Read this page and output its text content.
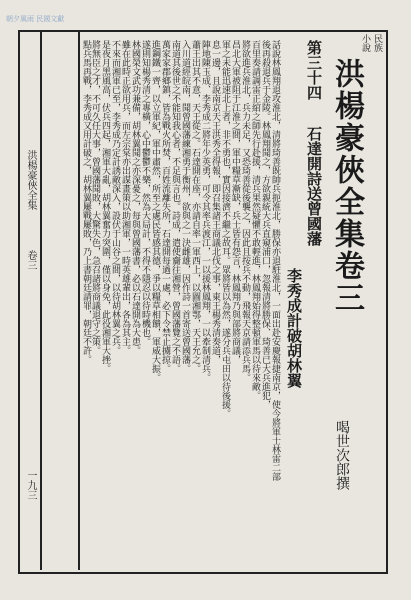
朝夕風雨 民國文獻
民族
小說
洪楊豪俠全集卷三
第三十四
石達開詩送曾國藩
李秀成計破胡林翼
喝世次郎撰
話說林鳳翔退攻淮北，清將琦善既帥兵扼淮北，勝保亦退駐淮北，一面出赴安慶報捷南京，使今將軍士林雷二部
後再殺退兵于金陵。林鳳翔聞之，方欲親統大兵直窺浦口，忽報清將勝保、琦善已大兵進犯，
百里奏請調雷正綰之師先行赴援，清兵果然疑懼不敢輕進，林鳳翔始得整頓軍馬以待來敵。
將欲進兵淮北，兵力未足，又恐琦善從後襲之，因此且按兵不動，飛報天京請添兵馬。
昌北大軍被阻于江淮之間，軍中糧草漸缺，兵士皆有怨言，林鳳翔乃與部將商議，
軍之未能迅速北上者，非不勇也，實因接濟不繼之故耳。眾將皆以為然，遂分兵屯田以待後援。
息一邊，且說南京天王洪秀全得報，即召集諸王商議北伐之事，東王楊秀清奏道，
陣地陳玉成、李秀成二將年少英勇，可令其率兵渡江，一以援林鳳翔，一以牽制清兵。
蕭王出其不意，天王從之。石達開在座，亦請自率一軍西上，以圖湘鄂，天王允之。
入川道經皖南，聞曾國藩練湘勇于衡州，欲與之一決雌雄，因作詩一首寄送曾國藩。
南道其後世之不能知我心者，不足與言也。詩成，遣使齎往湘營，曾國藩覽之不語。
萬家家郡鄉鎮，皆為戰火所焚，百姓流離失所，石達開每過一處，必下令禁止擄掠。
進鋼鐵一齊，以立軍紀，軍中肅然，所至之處民皆感其德，爭以糧草相饋，軍威大振。
遂則知楊秀清之專橫，心中鬱鬱不樂，然為大局計，不得不隱忍以待時機也。
林國榮文武功兼備，胡林翼聞之亦深憂之，每與曾國藩書，必以石達開為大患。
雖在此時正欲用兵，而左宗棠亦出謀畫策以助湘軍，一時英雄輩出，各為其主。
不來而湘軍已至，李秀成乃定計誘敵深入，設伏于山谷之間，以待胡林翼之兵。
是夜月黑風高，伏兵四起，湘軍大亂，胡林翼奮力突圍，僅以身免，此役湘軍大挫。
將無臣之才，不可久任大事，曾國藩聞敗，大驚失色，急召諸將商議退守之策。
點兵馬再戰，李秀成又用計破之，胡林翼屢戰屢敗，乃上書朝廷請罪，朝廷不許。
洪楊豪俠全集
卷三
一九三
